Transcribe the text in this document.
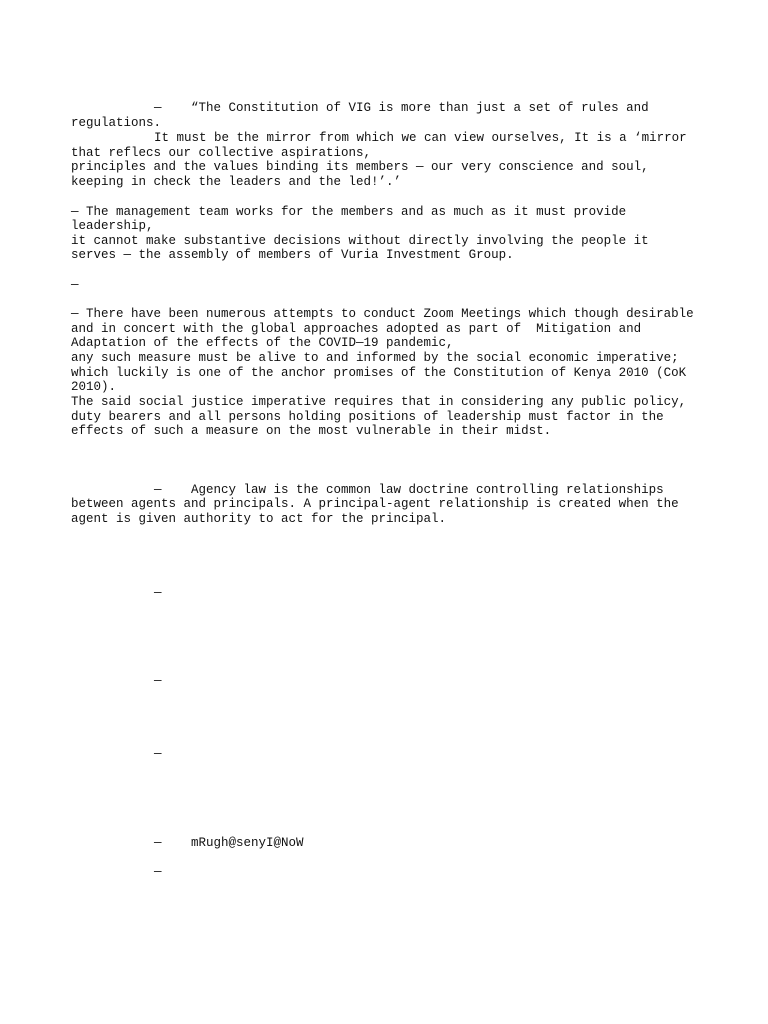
— “The Constitution of VIG is more than just a set of rules and
regulations.
It must be the mirror from which we can view ourselves, It is a ‘mirror
that reflecs our collective aspirations,
principles and the values binding its members — our very conscience and soul,
keeping in check the leaders and the led!’.’
— The management team works for the members and as much as it must provide
leadership,
it cannot make substantive decisions without directly involving the people it
serves — the assembly of members of Vuria Investment Group.
—
— There have been numerous attempts to conduct Zoom Meetings which though desirable
and in concert with the global approaches adopted as part of  Mitigation and
Adaptation of the effects of the COVID—19 pandemic,
any such measure must be alive to and informed by the social economic imperative;
which luckily is one of the anchor promises of the Constitution of Kenya 2010 (CoK
2010).
The said social justice imperative requires that in considering any public policy,
duty bearers and all persons holding positions of leadership must factor in the
effects of such a measure on the most vulnerable in their midst.
— Agency law is the common law doctrine controlling relationships
between agents and principals. A principal-agent relationship is created when the
agent is given authority to act for the principal.
—
—
—
— mRugh@senyI@NoW
—
